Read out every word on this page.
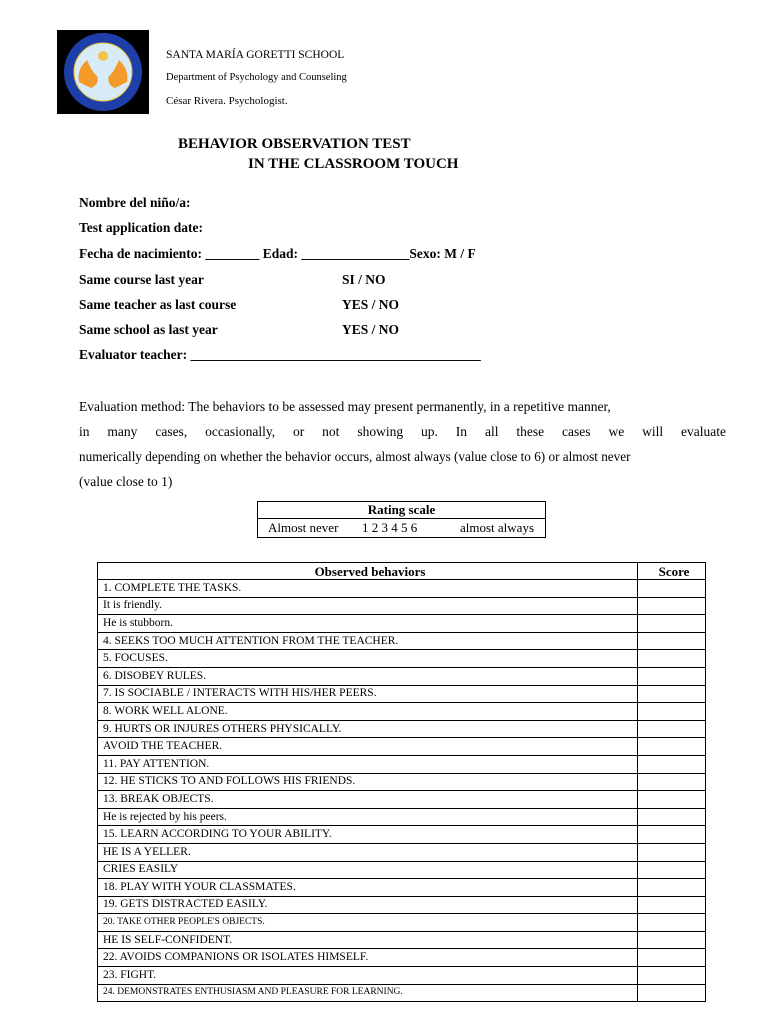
SANTA MARÍA GORETTI SCHOOL
Department of Psychology and Counseling
César Rivera. Psychologist.
BEHAVIOR OBSERVATION TEST
IN THE CLASSROOM TOUCH
Nombre del niño/a:
Test application date:
Fecha de nacimiento: ________ Edad: ________________Sexo: M / F
Same course last year	SI / NO
Same teacher as last course	YES / NO
Same school as last year	YES / NO
Evaluator teacher: ___________________________________________
Evaluation method: The behaviors to be assessed may present permanently, in a repetitive manner,
in many cases, occasionally, or not showing up. In all these cases we will evaluate
numerically depending on whether the behavior occurs, almost always (value close to 6) or almost never
(value close to 1)
Rating scale
Almost never 1 2 3 4 5 6	almost always
Observed behaviors	Score
1. COMPLETE THE TASKS.	
It is friendly.	
He is stubborn.	
4. SEEKS TOO MUCH ATTENTION FROM THE TEACHER.	
5. FOCUSES.	
6. DISOBEY RULES.	
7. IS SOCIABLE / INTERACTS WITH HIS/HER PEERS.	
8. WORK WELL ALONE.	
9. HURTS OR INJURES OTHERS PHYSICALLY.	
AVOID THE TEACHER.	
11. PAY ATTENTION.	
12. HE STICKS TO AND FOLLOWS HIS FRIENDS.	
13. BREAK OBJECTS.	
He is rejected by his peers.	
15. LEARN ACCORDING TO YOUR ABILITY.	
HE IS A YELLER.	
CRIES EASILY	
18. PLAY WITH YOUR CLASSMATES.	
19. GETS DISTRACTED EASILY.	
20. TAKE OTHER PEOPLE'S OBJECTS.	
HE IS SELF-CONFIDENT.	
22. AVOIDS COMPANIONS OR ISOLATES HIMSELF.	
23. FIGHT.	
24. DEMONSTRATES ENTHUSIASM AND PLEASURE FOR LEARNING.	
